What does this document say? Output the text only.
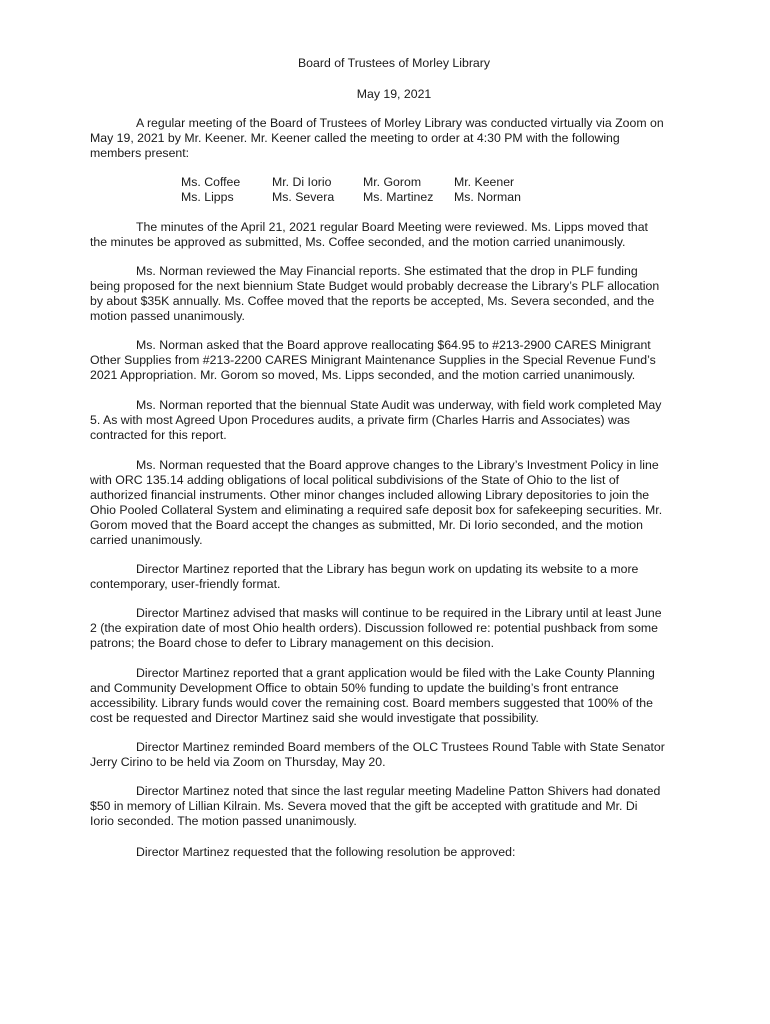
Board of Trustees of Morley Library
May 19, 2021

A regular meeting of the Board of Trustees of Morley Library was conducted virtually via Zoom on
May 19, 2021 by Mr. Keener. Mr. Keener called the meeting to order at 4:30 PM with the following
members present:

Ms. Coffee	Mr. Di Iorio	Mr. Gorom	Mr. Keener
Ms. Lipps	Ms. Severa	Ms. Martinez	Ms. Norman

The minutes of the April 21, 2021 regular Board Meeting were reviewed. Ms. Lipps moved that
the minutes be approved as submitted, Ms. Coffee seconded, and the motion carried unanimously.

Ms. Norman reviewed the May Financial reports. She estimated that the drop in PLF funding
being proposed for the next biennium State Budget would probably decrease the Library’s PLF allocation
by about $35K annually. Ms. Coffee moved that the reports be accepted, Ms. Severa seconded, and the
motion passed unanimously.

Ms. Norman asked that the Board approve reallocating $64.95 to #213-2900 CARES Minigrant
Other Supplies from #213-2200 CARES Minigrant Maintenance Supplies in the Special Revenue Fund’s
2021 Appropriation. Mr. Gorom so moved, Ms. Lipps seconded, and the motion carried unanimously.

Ms. Norman reported that the biennual State Audit was underway, with field work completed May
5. As with most Agreed Upon Procedures audits, a private firm (Charles Harris and Associates) was
contracted for this report.

Ms. Norman requested that the Board approve changes to the Library’s Investment Policy in line
with ORC 135.14 adding obligations of local political subdivisions of the State of Ohio to the list of
authorized financial instruments. Other minor changes included allowing Library depositories to join the
Ohio Pooled Collateral System and eliminating a required safe deposit box for safekeeping securities. Mr.
Gorom moved that the Board accept the changes as submitted, Mr. Di Iorio seconded, and the motion
carried unanimously.

Director Martinez reported that the Library has begun work on updating its website to a more
contemporary, user-friendly format.

Director Martinez advised that masks will continue to be required in the Library until at least June
2 (the expiration date of most Ohio health orders). Discussion followed re: potential pushback from some
patrons; the Board chose to defer to Library management on this decision.

Director Martinez reported that a grant application would be filed with the Lake County Planning
and Community Development Office to obtain 50% funding to update the building’s front entrance
accessibility. Library funds would cover the remaining cost. Board members suggested that 100% of the
cost be requested and Director Martinez said she would investigate that possibility.

Director Martinez reminded Board members of the OLC Trustees Round Table with State Senator
Jerry Cirino to be held via Zoom on Thursday, May 20.

Director Martinez noted that since the last regular meeting Madeline Patton Shivers had donated
$50 in memory of Lillian Kilrain. Ms. Severa moved that the gift be accepted with gratitude and Mr. Di
Iorio seconded. The motion passed unanimously.

Director Martinez requested that the following resolution be approved:
